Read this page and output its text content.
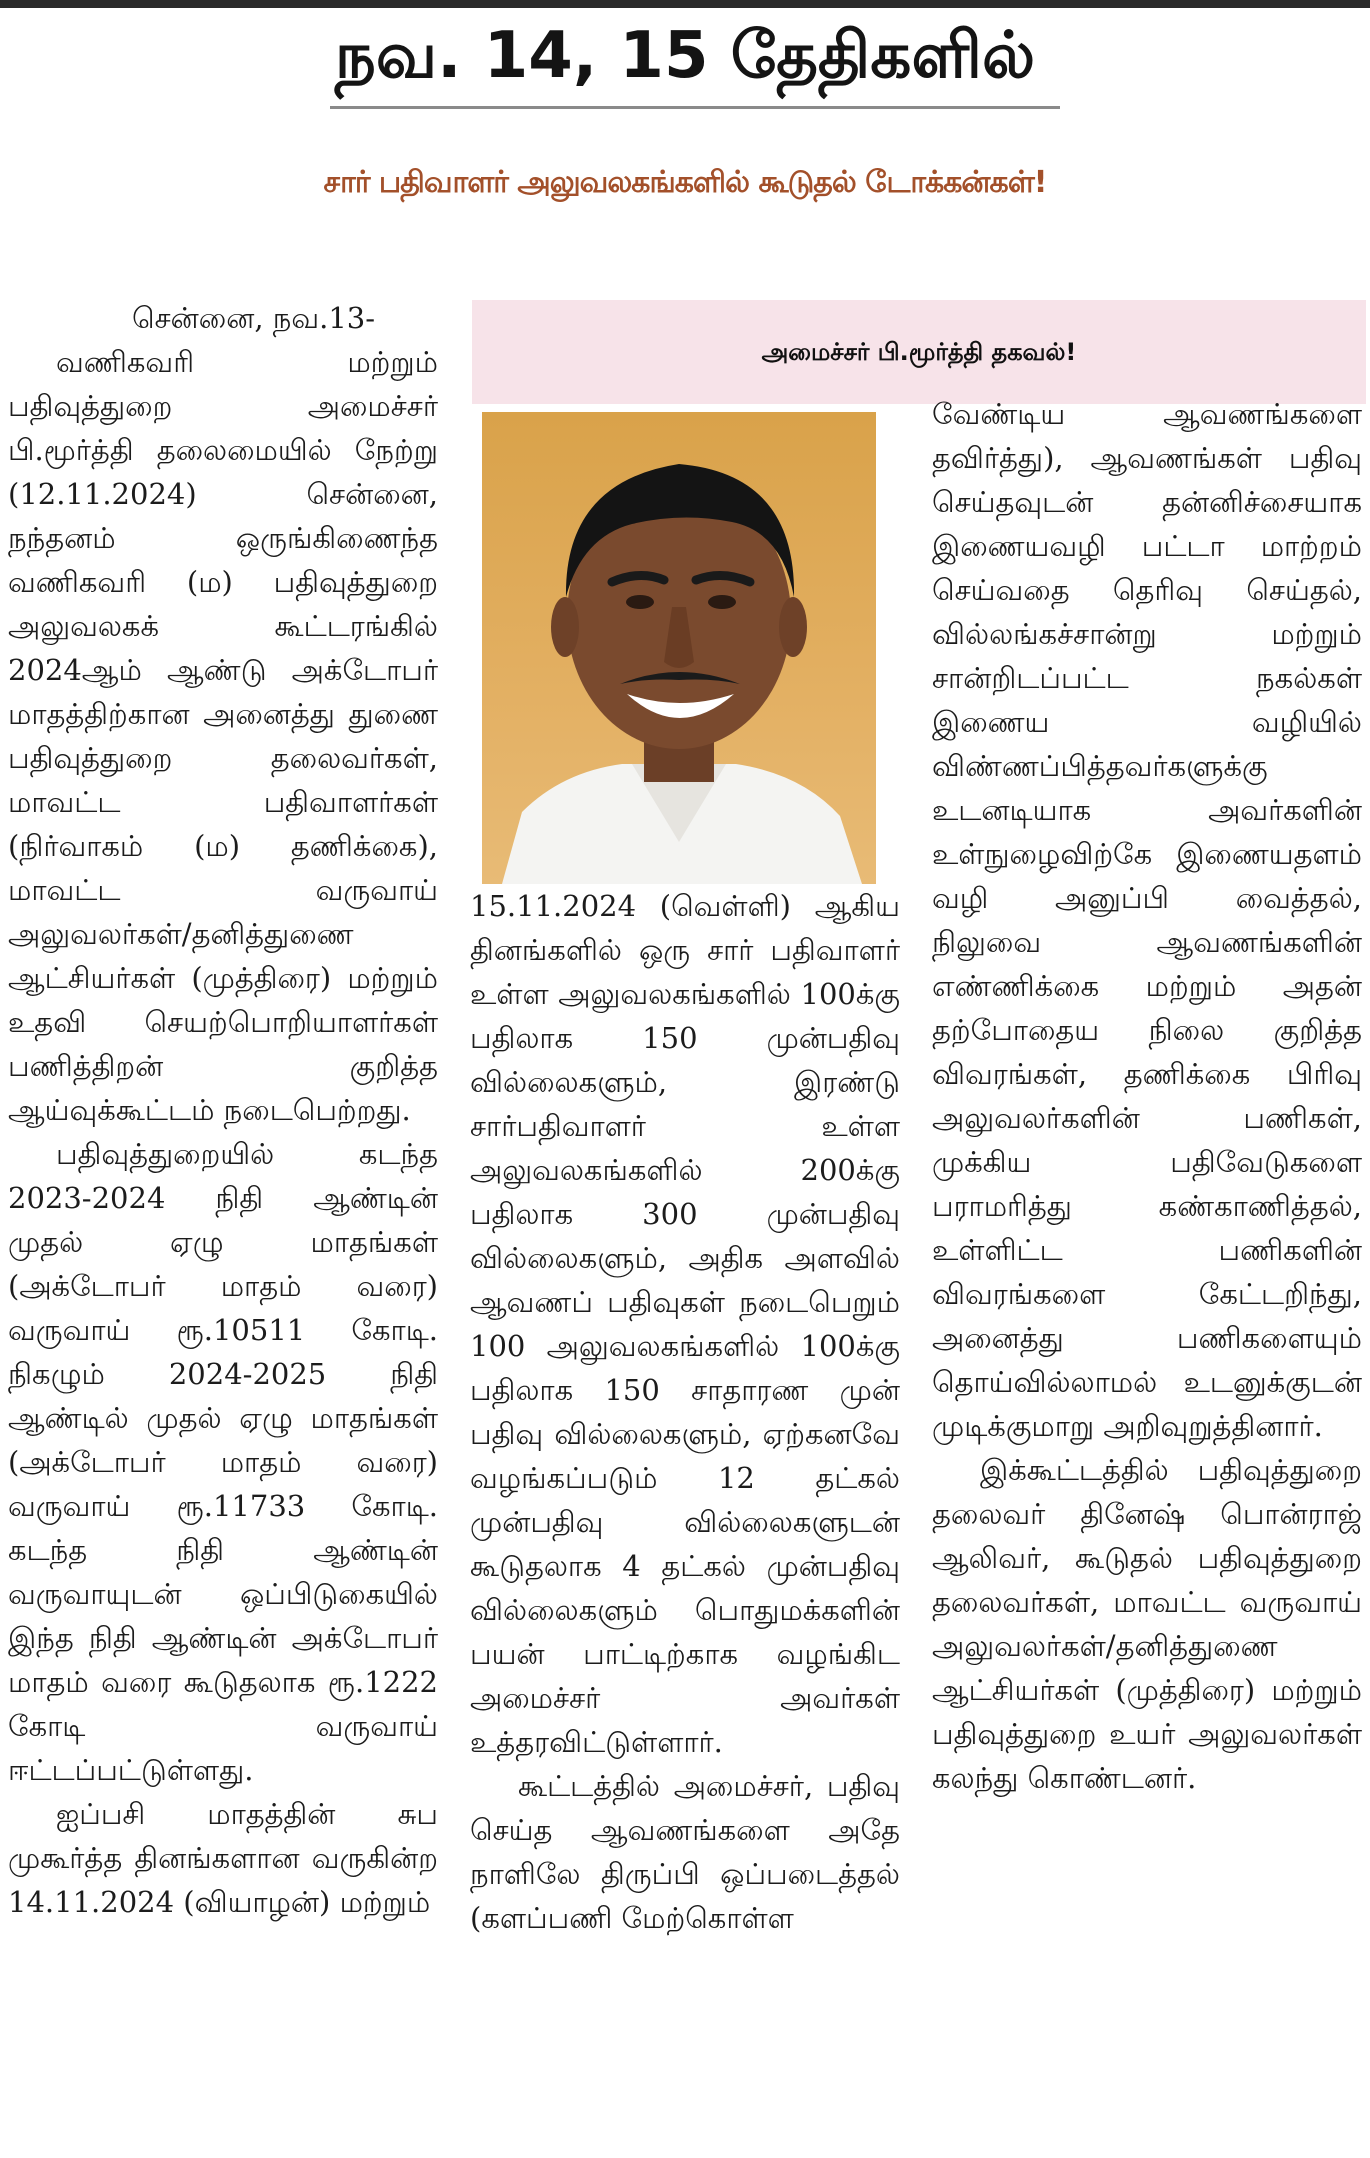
நவ. 14, 15 தேதிகளில்
சார் பதிவாளர் அலுவலகங்களில் கூடுதல் டோக்கன்கள்!
அமைச்சர் பி.மூர்த்தி தகவல்!

சென்னை, நவ.13-

வணிகவரி மற்றும் பதிவுத்துறை அமைச்சர் பி.மூர்த்தி தலைமையில் நேற்று (12.11.2024) சென்னை, நந்தனம் ஒருங்கிணைந்த வணிகவரி (ம) பதிவுத்துறை அலுவலகக் கூட்டரங்கில் 2024ஆம் ஆண்டு அக்டோபர் மாதத்திற்கான அனைத்து துணை பதிவுத்துறை தலைவர்கள், மாவட்ட பதிவாளர்கள் (நிர்வாகம் (ம) தணிக்கை), மாவட்ட வருவாய் அலுவலர்கள்/தனித்துணை ஆட்சியர்கள் (முத்திரை) மற்றும் உதவி செயற்பொறியாளர்கள் பணித்திறன் குறித்த ஆய்வுக்கூட்டம் நடைபெற்றது.

பதிவுத்துறையில் கடந்த 2023-2024 நிதி ஆண்டின் முதல் ஏழு மாதங்கள் (அக்டோபர் மாதம் வரை) வருவாய் ரூ.10511 கோடி. நிகழும் 2024-2025 நிதி ஆண்டில் முதல் ஏழு மாதங்கள் (அக்டோபர் மாதம் வரை) வருவாய் ரூ.11733 கோடி. கடந்த நிதி ஆண்டின் வருவாயுடன் ஒப்பிடுகையில் இந்த நிதி ஆண்டின் அக்டோபர் மாதம் வரை கூடுதலாக ரூ.1222 கோடி வருவாய் ஈட்டப்பட்டுள்ளது.

ஐப்பசி மாதத்தின் சுப முகூர்த்த தினங்களான வருகின்ற 14.11.2024 (வியாழன்) மற்றும்

15.11.2024 (வெள்ளி) ஆகிய தினங்களில் ஒரு சார் பதிவாளர் உள்ள அலுவலகங்களில் 100க்கு பதிலாக 150 முன்பதிவு வில்லைகளும், இரண்டு சார்பதிவாளர் உள்ள அலுவலகங்களில் 200க்கு பதிலாக 300 முன்பதிவு வில்லைகளும், அதிக அளவில் ஆவணப் பதிவுகள் நடைபெறும் 100 அலுவலகங்களில் 100க்கு பதிலாக 150 சாதாரண முன் பதிவு வில்லைகளும், ஏற்கனவே வழங்கப்படும் 12 தட்கல் முன்பதிவு வில்லைகளுடன் கூடுதலாக 4 தட்கல் முன்பதிவு வில்லைகளும் பொதுமக்களின் பயன் பாட்டிற்காக வழங்கிட அமைச்சர் அவர்கள் உத்தரவிட்டுள்ளார்.

கூட்டத்தில் அமைச்சர், பதிவு செய்த ஆவணங்களை அதே நாளிலே திருப்பி ஒப்படைத்தல் (களப்பணி மேற்கொள்ள

வேண்டிய ஆவணங்களை தவிர்த்து), ஆவணங்கள் பதிவு செய்தவுடன் தன்னிச்சையாக இணையவழி பட்டா மாற்றம் செய்வதை தெரிவு செய்தல், வில்லங்கச்சான்று மற்றும் சான்றிடப்பட்ட நகல்கள் இணைய வழியில் விண்ணப்பித்தவர்களுக்கு உடனடியாக அவர்களின் உள்நுழைவிற்கே இணையதளம் வழி அனுப்பி வைத்தல், நிலுவை ஆவணங்களின் எண்ணிக்கை மற்றும் அதன் தற்போதைய நிலை குறித்த விவரங்கள், தணிக்கை பிரிவு அலுவலர்களின் பணிகள், முக்கிய பதிவேடுகளை பராமரித்து கண்காணித்தல், உள்ளிட்ட பணிகளின் விவரங்களை கேட்டறிந்து, அனைத்து பணிகளையும் தொய்வில்லாமல் உடனுக்குடன் முடிக்குமாறு அறிவுறுத்தினார்.

இக்கூட்டத்தில் பதிவுத்துறை தலைவர் தினேஷ் பொன்ராஜ் ஆலிவர், கூடுதல் பதிவுத்துறை தலைவர்கள், மாவட்ட வருவாய் அலுவலர்கள்/தனித்துணை ஆட்சியர்கள் (முத்திரை) மற்றும் பதிவுத்துறை உயர் அலுவலர்கள் கலந்து கொண்டனர்.
